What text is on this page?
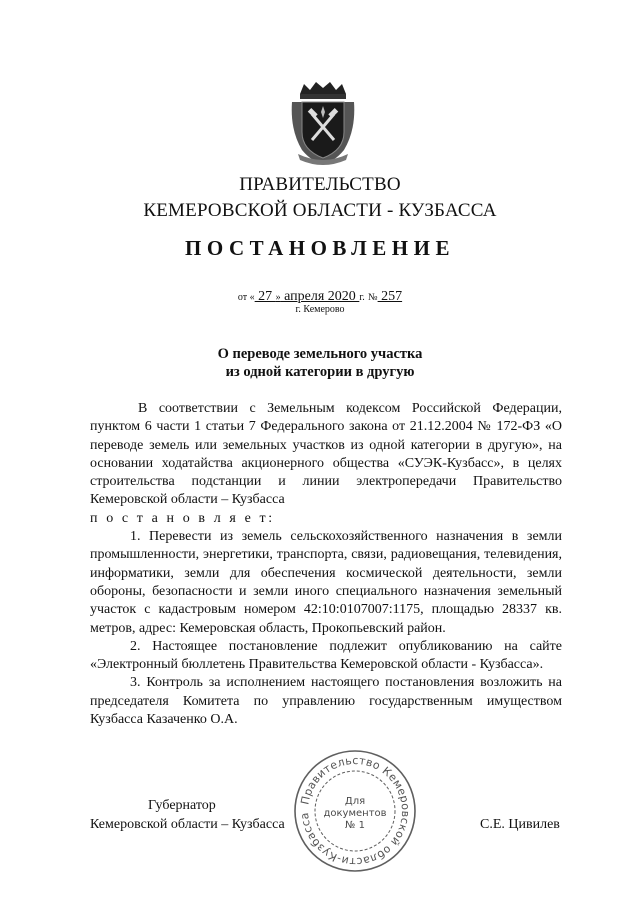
ПРАВИТЕЛЬСТВО
КЕМЕРОВСКОЙ ОБЛАСТИ - КУЗБАССА
ПОСТАНОВЛЕНИЕ
от « 27 » апреля 2020 г. № 257
г. Кемерово
О переводе земельного участка
из одной категории в другую

В соответствии с Земельным кодексом Российской Федерации, пунктом 6 части 1 статьи 7 Федерального закона от 21.12.2004 № 172-ФЗ «О переводе земель или земельных участков из одной категории в другую», на основании ходатайства акционерного общества «СУЭК-Кузбасс», в целях строительства подстанции и линии электропередачи Правительство Кемеровской области – Кузбасса

п о с т а н о в л я е т:

1. Перевести из земель сельскохозяйственного назначения в земли промышленности, энергетики, транспорта, связи, радиовещания, телевидения, информатики, земли для обеспечения космической деятельности, земли обороны, безопасности и земли иного специального назначения земельный участок с кадастровым номером 42:10:0107007:1175, площадью 28337 кв. метров, адрес: Кемеровская область, Прокопьевский район.

2. Настоящее постановление подлежит опубликованию на сайте «Электронный бюллетень Правительства Кемеровской области - Кузбасса».

3. Контроль за исполнением настоящего постановления возложить на председателя Комитета по управлению государственным имуществом Кузбасса Казаченко О.А.

Правительство Кемеровской области-Кузбасса
Для
документов
№ 1
Губернатор
Кемеровской области – Кузбасса	С.Е. Цивилев
